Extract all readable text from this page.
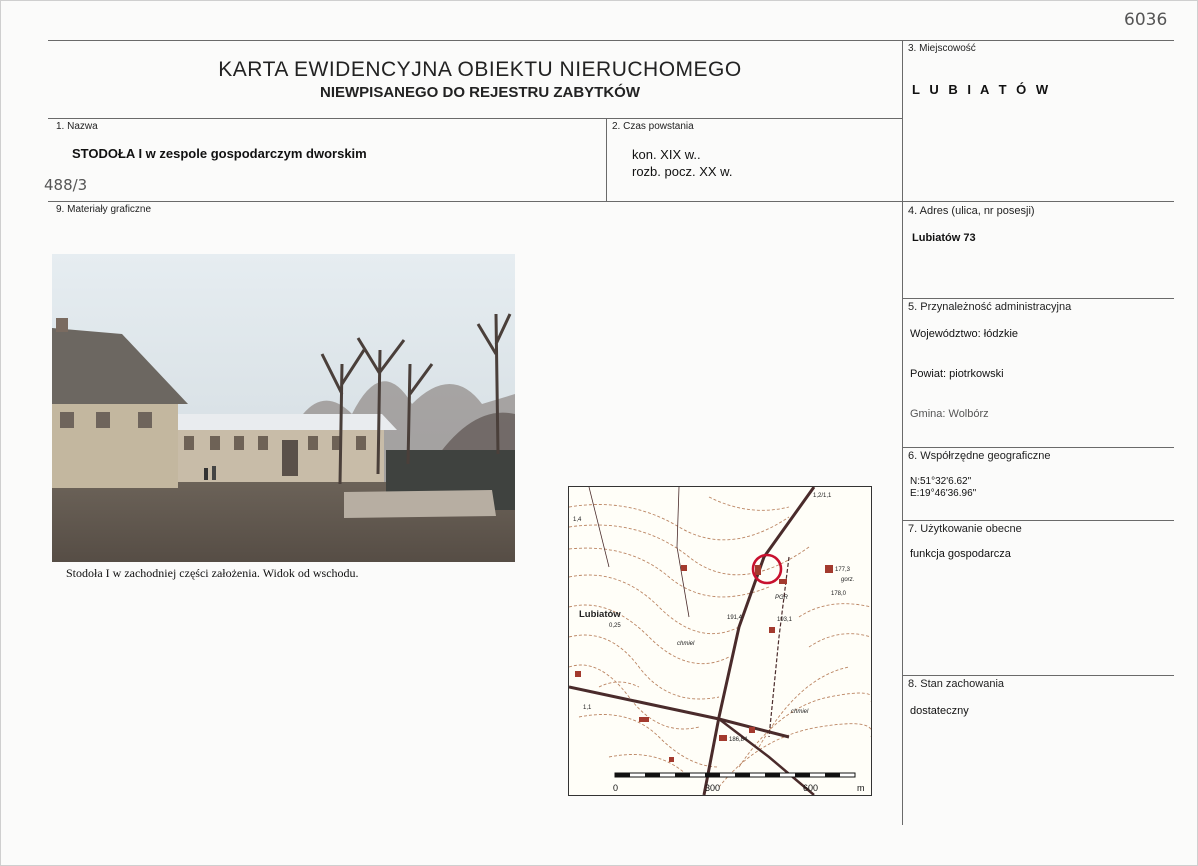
6036
488/3
KARTA EWIDENCYJNA OBIEKTU NIERUCHOMEGO
NIEWPISANEGO DO REJESTRU ZABYTKÓW
3. Miejscowość
L U B I A T Ó W
1. Nazwa
STODOŁA I w zespole gospodarczym dworskim
2. Czas powstania
kon. XIX w..
rozb. pocz. XX w.
9. Materiały graficzne	4. Adres (ulica, nr posesji)
Lubiatów 73
5. Przynależność administracyjna
Województwo: łódzkie
Powiat: piotrkowski
Gmina: Wolbórz
6. Współrzędne geograficzne
N:51°32'6.62"
E:19°46'36.96"
7. Użytkowanie obecne
funkcja gospodarcza
8. Stan zachowania
dostateczny
Stodoła I w zachodniej części założenia. Widok od wschodu.
Lubiatów
0,25
177,3
178,0
191,4
186,84
193,1
PGR
chmiel
chmiel
gorz.
1,4
1,1
1,2/1,1
0	300	600	m
